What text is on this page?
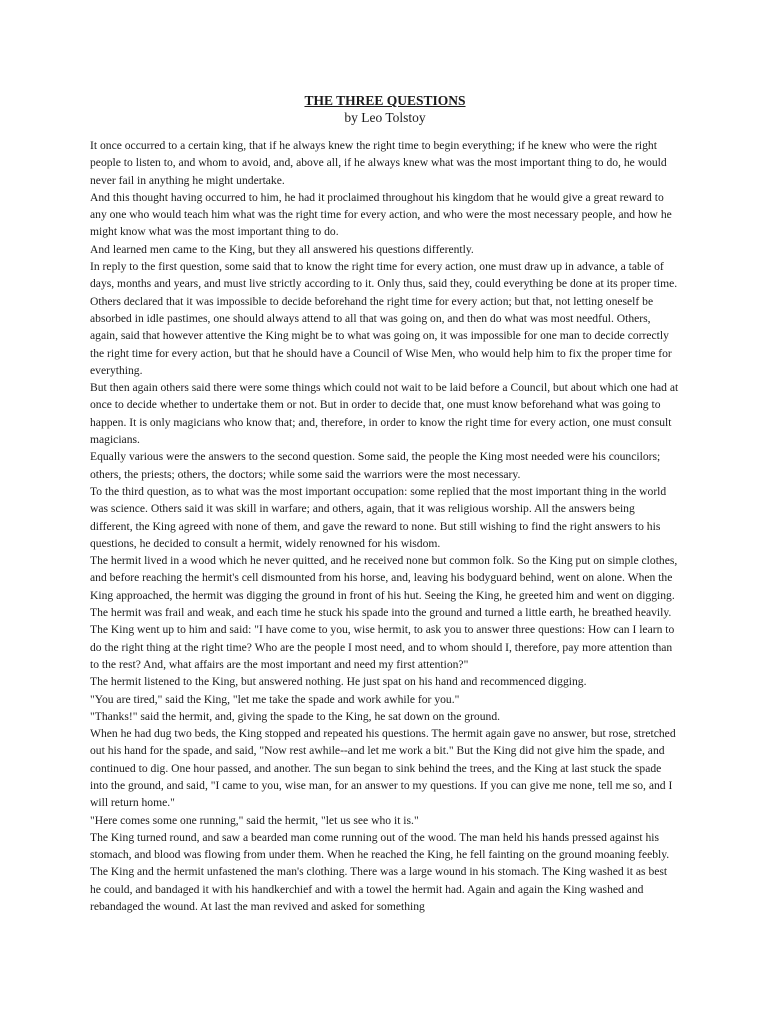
THE THREE QUESTIONS

by Leo Tolstoy

It once occurred to a certain king, that if he always knew the right time to begin everything; if he knew who were the right people to listen to, and whom to avoid, and, above all, if he always knew what was the most important thing to do, he would never fail in anything he might undertake.

And this thought having occurred to him, he had it proclaimed throughout his kingdom that he would give a great reward to any one who would teach him what was the right time for every action, and who were the most necessary people, and how he might know what was the most important thing to do.

And learned men came to the King, but they all answered his questions differently.

In reply to the first question, some said that to know the right time for every action, one must draw up in advance, a table of days, months and years, and must live strictly according to it. Only thus, said they, could everything be done at its proper time. Others declared that it was impossible to decide beforehand the right time for every action; but that, not letting oneself be absorbed in idle pastimes, one should always attend to all that was going on, and then do what was most needful. Others, again, said that however attentive the King might be to what was going on, it was impossible for one man to decide correctly the right time for every action, but that he should have a Council of Wise Men, who would help him to fix the proper time for everything.

But then again others said there were some things which could not wait to be laid before a Council, but about which one had at once to decide whether to undertake them or not. But in order to decide that, one must know beforehand what was going to happen. It is only magicians who know that; and, therefore, in order to know the right time for every action, one must consult magicians.

Equally various were the answers to the second question. Some said, the people the King most needed were his councilors; others, the priests; others, the doctors; while some said the warriors were the most necessary.

To the third question, as to what was the most important occupation: some replied that the most important thing in the world was science. Others said it was skill in warfare; and others, again, that it was religious worship. All the answers being different, the King agreed with none of them, and gave the reward to none. But still wishing to find the right answers to his questions, he decided to consult a hermit, widely renowned for his wisdom.

The hermit lived in a wood which he never quitted, and he received none but common folk. So the King put on simple clothes, and before reaching the hermit's cell dismounted from his horse, and, leaving his bodyguard behind, went on alone. When the King approached, the hermit was digging the ground in front of his hut. Seeing the King, he greeted him and went on digging. The hermit was frail and weak, and each time he stuck his spade into the ground and turned a little earth, he breathed heavily.

The King went up to him and said: "I have come to you, wise hermit, to ask you to answer three questions: How can I learn to do the right thing at the right time? Who are the people I most need, and to whom should I, therefore, pay more attention than to the rest? And, what affairs are the most important and need my first attention?"

The hermit listened to the King, but answered nothing. He just spat on his hand and recommenced digging.

"You are tired," said the King, "let me take the spade and work awhile for you."

"Thanks!" said the hermit, and, giving the spade to the King, he sat down on the ground.

When he had dug two beds, the King stopped and repeated his questions. The hermit again gave no answer, but rose, stretched out his hand for the spade, and said, "Now rest awhile--and let me work a bit." But the King did not give him the spade, and continued to dig. One hour passed, and another. The sun began to sink behind the trees, and the King at last stuck the spade into the ground, and said, "I came to you, wise man, for an answer to my questions. If you can give me none, tell me so, and I will return home."

"Here comes some one running," said the hermit, "let us see who it is."

The King turned round, and saw a bearded man come running out of the wood. The man held his hands pressed against his stomach, and blood was flowing from under them. When he reached the King, he fell fainting on the ground moaning feebly. The King and the hermit unfastened the man's clothing. There was a large wound in his stomach. The King washed it as best he could, and bandaged it with his handkerchief and with a towel the hermit had. Again and again the King washed and rebandaged the wound. At last the man revived and asked for something
